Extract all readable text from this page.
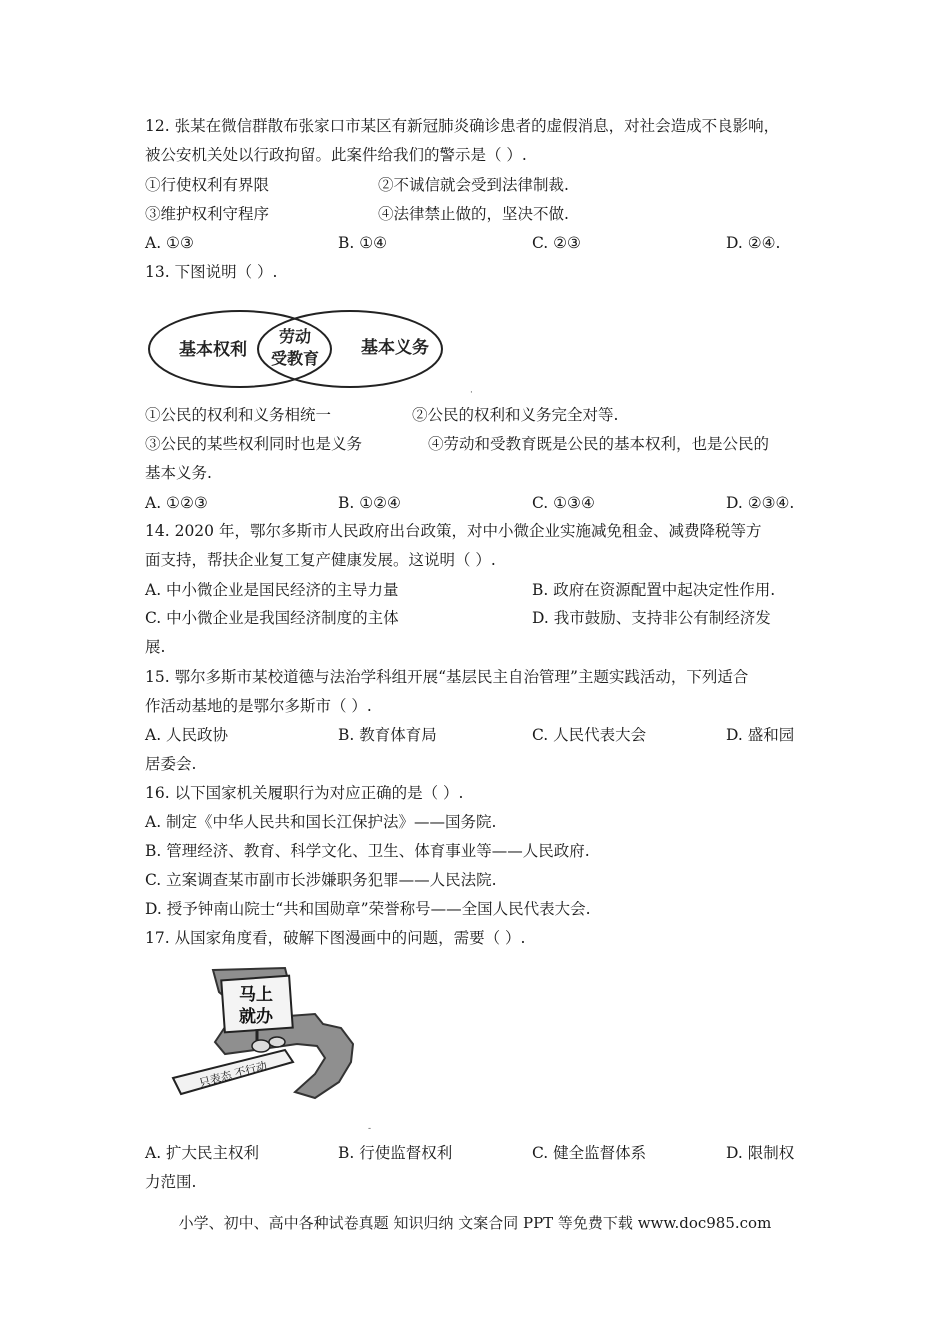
12. 张某在微信群散布张家口市某区有新冠肺炎确诊患者的虚假消息，对社会造成不良影响，
被公安机关处以行政拘留。此案件给我们的警示是（ ）.
①行使权利有界限	②不诚信就会受到法律制裁.
③维护权利守程序	④法律禁止做的，坚决不做.
A. ①③	B. ①④	C. ②③	D. ②④.
13. 下图说明（ ）.
基本权利
劳动
受教育
基本义务
·
①公民的权利和义务相统一	②公民的权利和义务完全对等.
③公民的某些权利同时也是义务	④劳动和受教育既是公民的基本权利，也是公民的
基本义务.
A. ①②③	B. ①②④	C. ①③④	D. ②③④.
14. 2020 年，鄂尔多斯市人民政府出台政策，对中小微企业实施减免租金、减费降税等方
面支持，帮扶企业复工复产健康发展。这说明（ ）.
A. 中小微企业是国民经济的主导力量	B. 政府在资源配置中起决定性作用.
C. 中小微企业是我国经济制度的主体	D. 我市鼓励、支持非公有制经济发
展.
15. 鄂尔多斯市某校道德与法治学科组开展“基层民主自治管理”主题实践活动，下列适合
作活动基地的是鄂尔多斯市（ ）.
A. 人民政协	B. 教育体育局	C. 人民代表大会	D. 盛和园
居委会.
16. 以下国家机关履职行为对应正确的是（ ）.
A. 制定《中华人民共和国长江保护法》——国务院.
B. 管理经济、教育、科学文化、卫生、体育事业等——人民政府.
C. 立案调查某市副市长涉嫌职务犯罪——人民法院.
D. 授予钟南山院士“共和国勋章”荣誉称号——全国人民代表大会.
17. 从国家角度看，破解下图漫画中的问题，需要（ ）.
马上
就办
只表态 不行动
-
A. 扩大民主权利	B. 行使监督权利	C. 健全监督体系	D. 限制权
力范围.
小学、初中、高中各种试卷真题 知识归纳 文案合同 PPT 等免费下载 www.doc985.com
